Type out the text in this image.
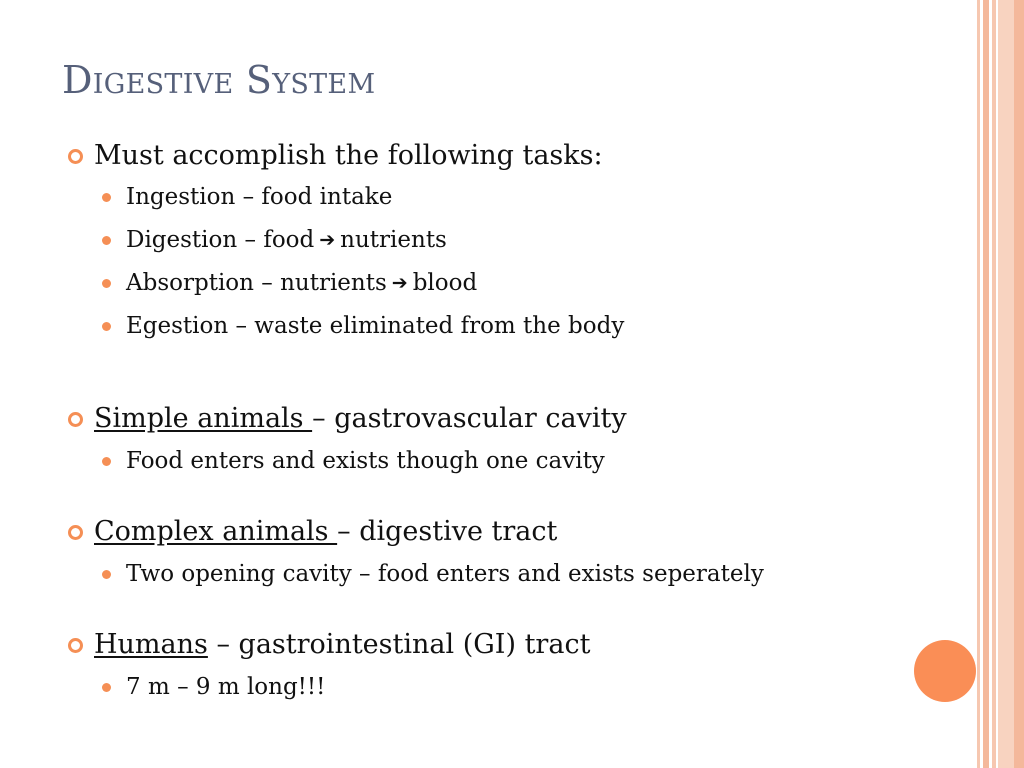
Digestive System
Must accomplish the following tasks:
Ingestion – food intake
Digestion – food ➔ nutrients
Absorption – nutrients ➔ blood
Egestion – waste eliminated from the body
Simple animals – gastrovascular cavity
Food enters and exists though one cavity
Complex animals – digestive tract
Two opening cavity – food enters and exists seperately
Humans – gastrointestinal (GI) tract
7 m – 9 m long!!!
